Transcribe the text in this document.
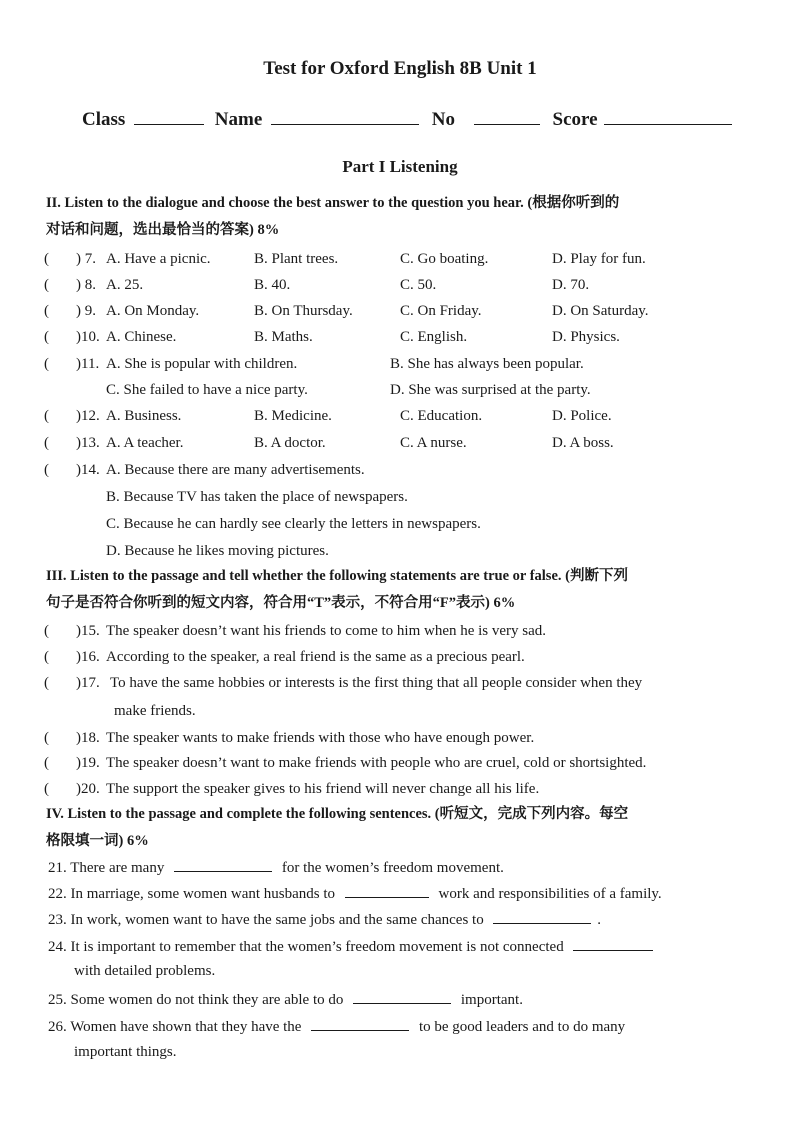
Test for Oxford English 8B Unit 1
Class	Name	No	Score
Part I Listening
II. Listen to the dialogue and choose the best answer to the question you hear. (根据你听到的
对话和问题，选出最恰当的答案) 8%
( ) 7. A. Have a picnic.	B. Plant trees.	C. Go boating.	D. Play for fun.
( ) 8. A. 25.	B. 40.	C. 50.	D. 70.
( ) 9. A. On Monday.	B. On Thursday.	C. On Friday.	D. On Saturday.
( )10. A. Chinese.	B. Maths.	C. English.	D. Physics.
( )11. A. She is popular with children.	B. She has always been popular.
C. She failed to have a nice party.	D. She was surprised at the party.
( )12. A. Business.	B. Medicine.	C. Education.	D. Police.
( )13. A. A teacher.	B. A doctor.	C. A nurse.	D. A boss.
( )14. A. Because there are many advertisements.
B. Because TV has taken the place of newspapers.
C. Because he can hardly see clearly the letters in newspapers.
D. Because he likes moving pictures.
III. Listen to the passage and tell whether the following statements are true or false. (判断下列
句子是否符合你听到的短文内容，符合用“T”表示，不符合用“F”表示) 6%
( )15. The speaker doesn’t want his friends to come to him when he is very sad.
( )16. According to the speaker, a real friend is the same as a precious pearl.
( )17. To have the same hobbies or interests is the first thing that all people consider when they
make friends.
( )18. The speaker wants to make friends with those who have enough power.
( )19. The speaker doesn’t want to make friends with people who are cruel, cold or shortsighted.
( )20. The support the speaker gives to his friend will never change all his life.
IV. Listen to the passage and complete the following sentences. (听短文，完成下列内容。每空
格限填一词) 6%
21. There are many	for the women’s freedom movement.
22. In marriage, some women want husbands to	work and responsibilities of a family.
23. In work, women want to have the same jobs and the same chances to	.
24. It is important to remember that the women’s freedom movement is not connected
with detailed problems.
25. Some women do not think they are able to do	important.
26. Women have shown that they have the	to be good leaders and to do many
important things.
